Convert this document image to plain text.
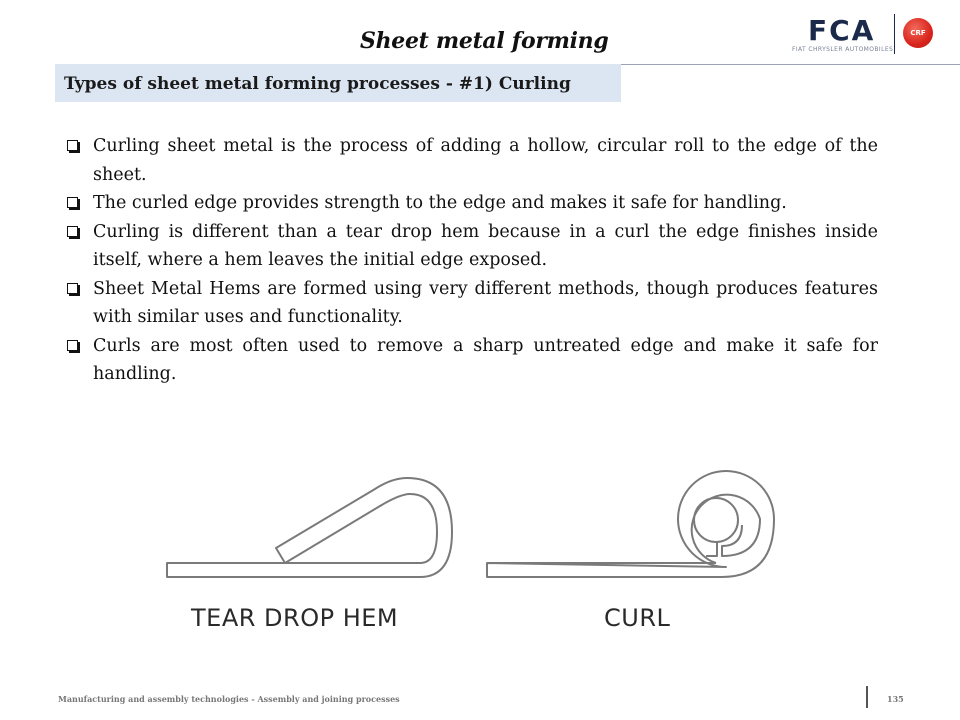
Sheet metal forming	FCA
FIAT CHRYSLER AUTOMOBILES
CRF
Types of sheet metal forming processes - #1) Curling
Curling sheet metal is the process of adding a hollow, circular roll to the edge of the sheet.
The curled edge provides strength to the edge and makes it safe for handling.
Curling is different than a tear drop hem because in a curl the edge finishes inside itself, where a hem leaves the initial edge exposed.
Sheet Metal Hems are formed using very different methods, though produces features with similar uses and functionality.
Curls are most often used to remove a sharp untreated edge and make it safe for handling.
TEAR DROP HEM	CURL
Manufacturing and assembly technologies - Assembly and joining processes	135
